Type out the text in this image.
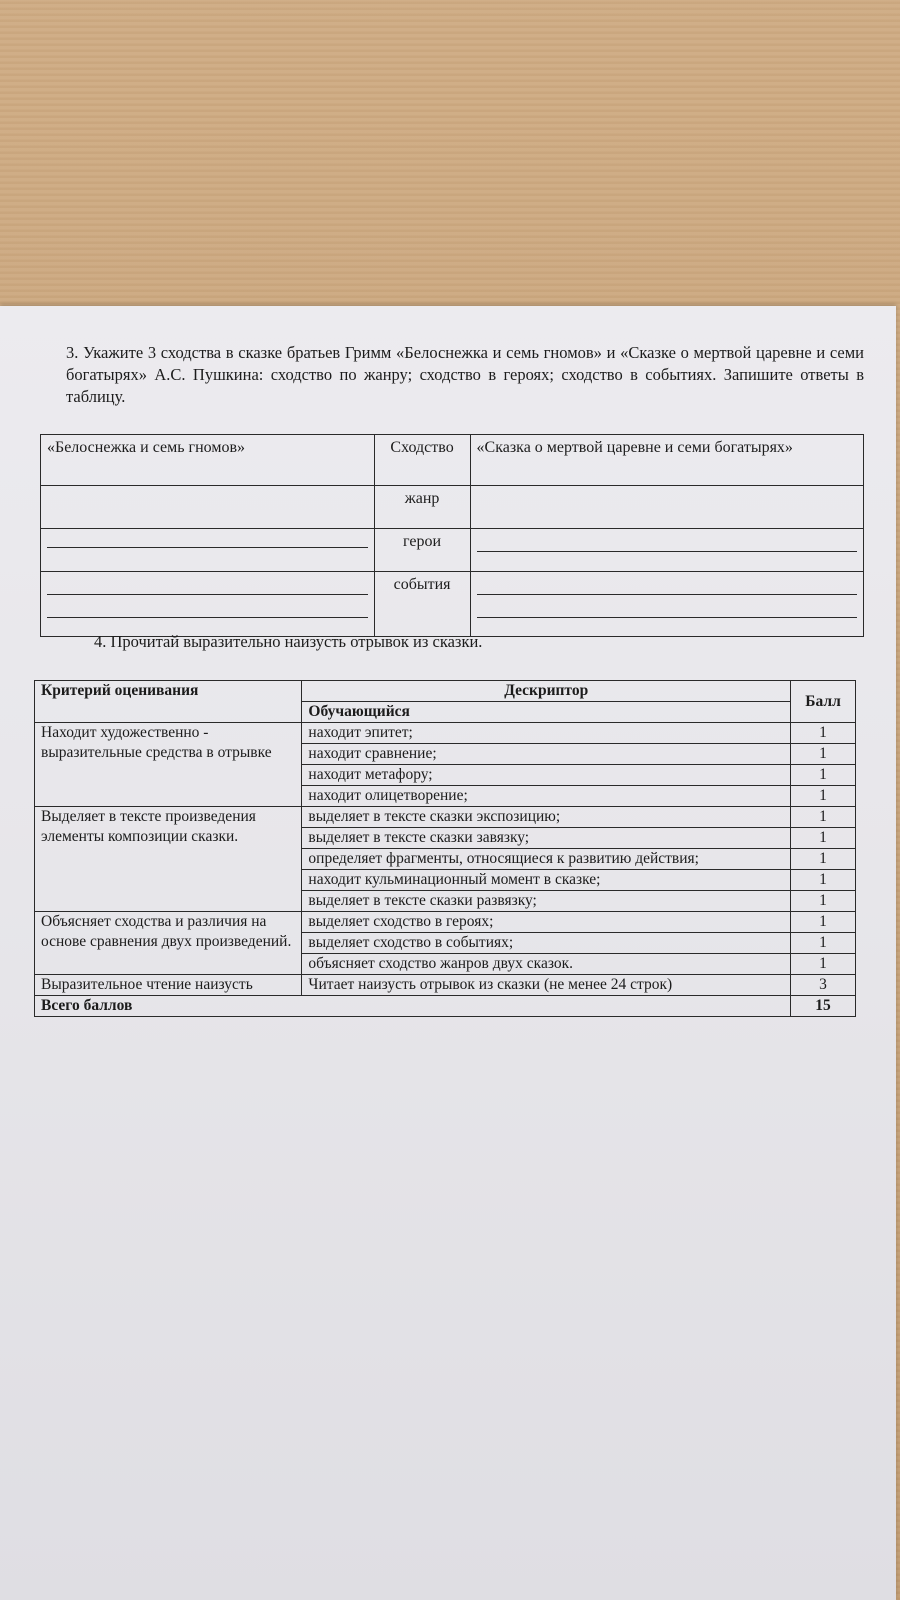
3. Укажите 3 сходства в сказке братьев Гримм «Белоснежка и семь гномов» и «Сказке о мертвой царевне и семи богатырях» А.С. Пушкина: сходство по жанру; сходство в героях; сходство в событиях. Запишите ответы в таблицу.
«Белоснежка и семь гномов»	Сходство	«Сказка о мертвой царевне и семи богатырях»
	жанр	

	герои	

	события	
4. Прочитай выразительно наизусть отрывок из сказки.
Критерий оценивания	Дескриптор	Балл
	Обучающийся	
Находит художественно - выразительные средства в отрывке	находит эпитет;	1
	находит сравнение;	1
	находит метафору;	1
	находит олицетворение;	1
Выделяет в тексте произведения элементы композиции сказки.	выделяет в тексте сказки экспозицию;	1
	выделяет в тексте сказки завязку;	1
	определяет фрагменты, относящиеся к развитию действия;	1
	находит кульминационный момент в сказке;	1
	выделяет в тексте сказки развязку;	1
Объясняет сходства и различия на основе сравнения двух произведений.	выделяет сходство в героях;	1
	выделяет сходство в событиях;	1
	объясняет сходство жанров двух сказок.	1
Выразительное чтение наизусть	Читает наизусть отрывок из сказки (не менее 24 строк)	3
Всего баллов		15
